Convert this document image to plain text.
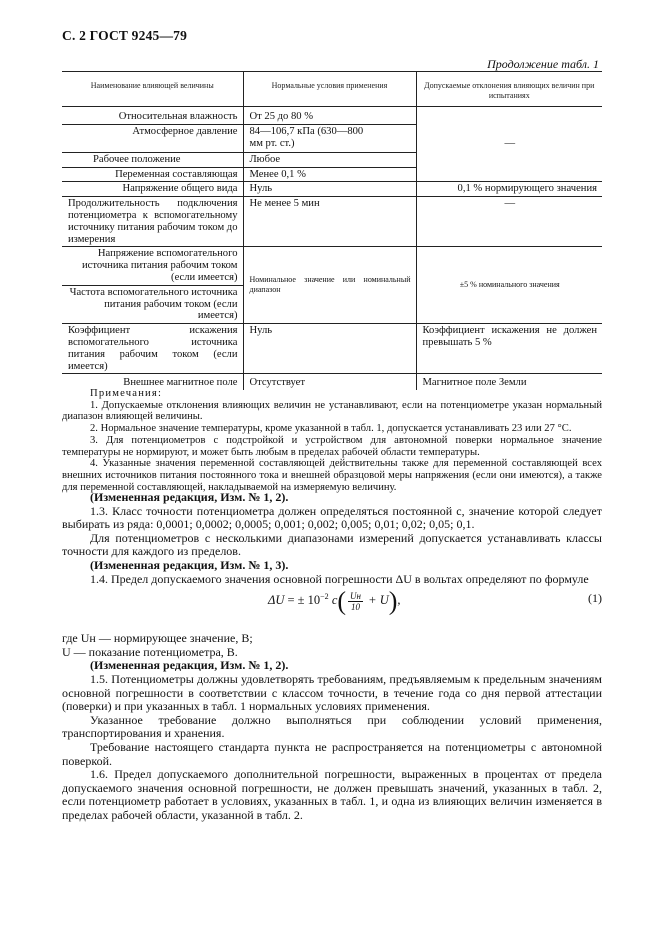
С. 2 ГОСТ 9245—79
Продолжение табл. 1
Наименование влияющей величины	Нормальные условия применения	Допускаемые отклонения влияющих величин при испытаниях
Относительная влажность	От 25 до 80 %	—
Атмосферное давление	84—106,7 кПа (630—800 мм рт. ст.)	
Рабочее положение	Любое	
Переменная составляющая	Менее 0,1 %	
Напряжение общего вида	Нуль	0,1 % нормирующего значения
Продолжительность подключения потенциометра к вспомогательному источнику питания рабочим током до измерения	Не менее 5 мин	—
Напряжение вспомогательного источника питания рабочим током (если имеется)	Номинальное значение или номинальный диапазон	±5 % номинального значения
Частота вспомогательного источника питания рабочим током (если имеется)		
Коэффициент искажения вспомогательного источника питания рабочим током (если имеется)	Нуль	Коэффициент искажения не должен превышать 5 %
Внешнее магнитное поле	Отсутствует	Магнитное поле Земли
Примечания:

1. Допускаемые отклонения влияющих величин не устанавливают, если на потенциометре указан нормальный диапазон влияющей величины.

2. Нормальное значение температуры, кроме указанной в табл. 1, допускается устанавливать 23 или 27 °С.

3. Для потенциометров с подстройкой и устройством для автономной поверки нормальное значение температуры не нормируют, и может быть любым в пределах рабочей области температуры.

4. Указанные значения переменной составляющей действительны также для переменной составляющей всех внешних источников питания постоянного тока и внешней образцовой меры напряжения (если они имеются), а также для переменной составляющей, накладываемой на измеряемую величину.

(Измененная редакция, Изм. № 1, 2).

1.3. Класс точности потенциометра должен определяться постоянной c, значение которой следует выбирать из ряда: 0,0001; 0,0002; 0,0005; 0,001; 0,002; 0,005; 0,01; 0,02; 0,05; 0,1.

Для потенциометров с несколькими диапазонами измерений допускается устанавливать классы точности для каждого из пределов.

(Измененная редакция, Изм. № 1, 3).

1.4. Предел допускаемого значения основной погрешности ΔU в вольтах определяют по формуле

ΔU = ± $10^{-2}$ $c( \frac{Uн}{10} + U)$,	(1)
где Uн — нормирующее значение, В;
U — показание потенциометра, В.

(Измененная редакция, Изм. № 1, 2).

1.5. Потенциометры должны удовлетворять требованиям, предъявляемым к предельным значениям основной погрешности в соответствии с классом точности, в течение года со дня первой аттестации (поверки) и при указанных в табл. 1 нормальных условиях применения.

Указанное требование должно выполняться при соблюдении условий применения, транспортирования и хранения.

Требование настоящего стандарта пункта не распространяется на потенциометры с автономной поверкой.

1.6. Предел допускаемого дополнительной погрешности, выраженных в процентах от предела допускаемого значения основной погрешности, не должен превышать значений, указанных в табл. 2, если потенциометр работает в условиях, указанных в табл. 1, и одна из влияющих величин изменяется в пределах рабочей области, указанной в табл. 2.
